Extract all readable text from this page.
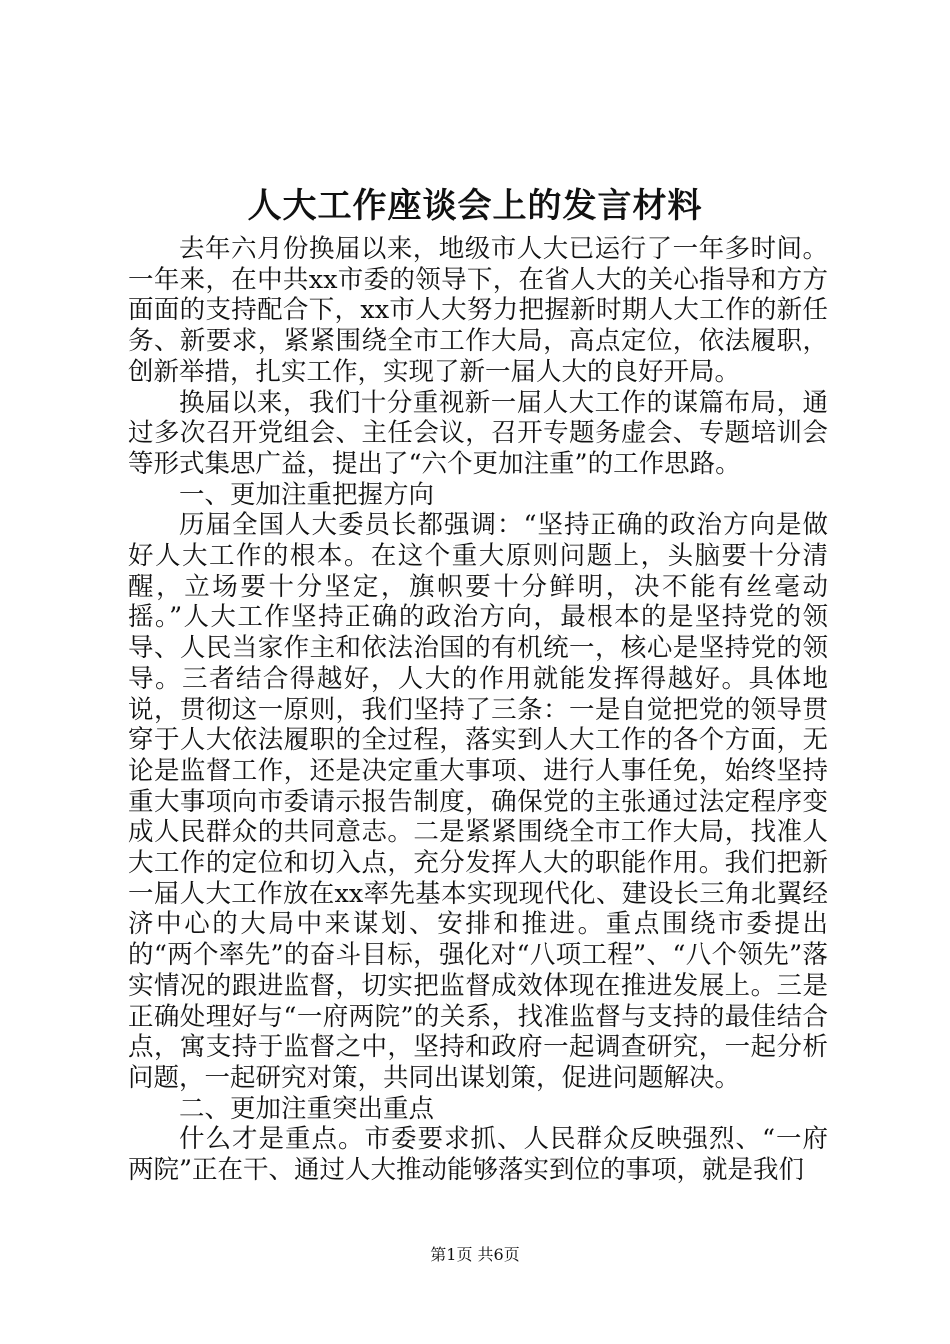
人大工作座谈会上的发言材料

去年六月份换届以来，地级市人大已运行了一年多时间。一年来，在中共xx市委的领导下，在省人大的关心指导和方方面面的支持配合下，xx市人大努力把握新时期人大工作的新任务、新要求，紧紧围绕全市工作大局，高点定位，依法履职，创新举措，扎实工作，实现了新一届人大的良好开局。

换届以来，我们十分重视新一届人大工作的谋篇布局，通过多次召开党组会、主任会议，召开专题务虚会、专题培训会等形式集思广益，提出了“六个更加注重”的工作思路。

一、更加注重把握方向

历届全国人大委员长都强调：“坚持正确的政治方向是做好人大工作的根本。在这个重大原则问题上，头脑要十分清醒，立场要十分坚定，旗帜要十分鲜明，决不能有丝毫动摇。”人大工作坚持正确的政治方向，最根本的是坚持党的领导、人民当家作主和依法治国的有机统一，核心是坚持党的领导。三者结合得越好，人大的作用就能发挥得越好。具体地说，贯彻这一原则，我们坚持了三条：一是自觉把党的领导贯穿于人大依法履职的全过程，落实到人大工作的各个方面，无论是监督工作，还是决定重大事项、进行人事任免，始终坚持重大事项向市委请示报告制度，确保党的主张通过法定程序变成人民群众的共同意志。二是紧紧围绕全市工作大局，找准人大工作的定位和切入点，充分发挥人大的职能作用。我们把新一届人大工作放在xx率先基本实现现代化、建设长三角北翼经济中心的大局中来谋划、安排和推进。重点围绕市委提出的“两个率先”的奋斗目标，强化对“八项工程”、“八个领先”落实情况的跟进监督，切实把监督成效体现在推进发展上。三是正确处理好与“一府两院”的关系，找准监督与支持的最佳结合点，寓支持于监督之中，坚持和政府一起调查研究，一起分析问题，一起研究对策，共同出谋划策，促进问题解决。

二、更加注重突出重点

什么才是重点。市委要求抓、人民群众反映强烈、“一府两院”正在干、通过人大推动能够落实到位的事项，就是我们

第1页 共6页
